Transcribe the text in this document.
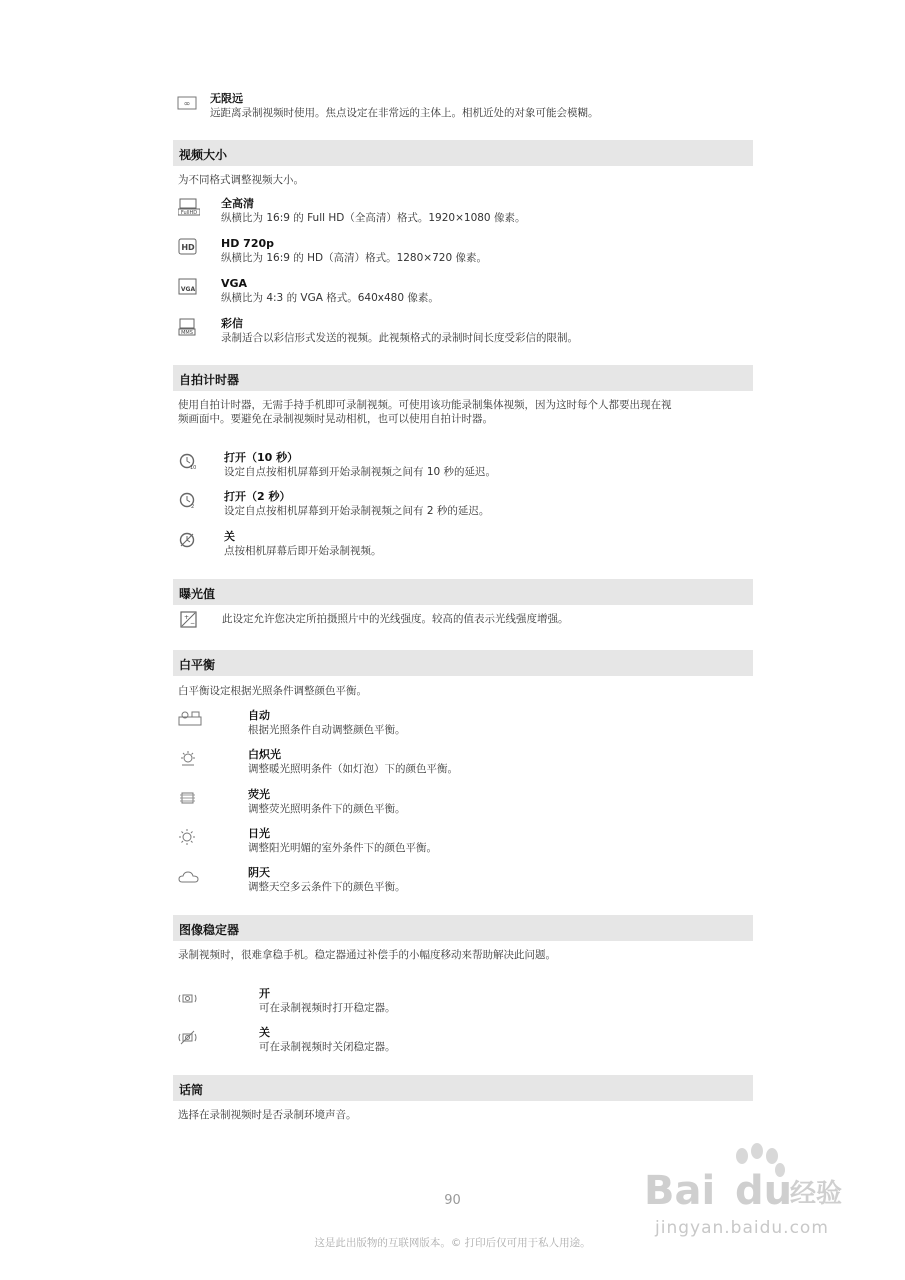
∞ 无限远
远距离录制视频时使用。焦点设定在非常远的主体上。相机近处的对象可能会模糊。
视频大小
为不同格式调整视频大小。
FullHD
全高清
纵横比为 16:9 的 Full HD（全高清）格式。1920×1080 像素。
HD HD 720p
纵横比为 16:9 的 HD（高清）格式。1280×720 像素。
VGA VGA
纵横比为 4:3 的 VGA 格式。640x480 像素。
MMS
彩信
录制适合以彩信形式发送的视频。此视频格式的录制时间长度受彩信的限制。
自拍计时器
使用自拍计时器，无需手持手机即可录制视频。可使用该功能录制集体视频，因为这时每个人都要出现在视
频画面中。要避免在录制视频时晃动相机，也可以使用自拍计时器。
10
打开（10 秒）
设定自点按相机屏幕到开始录制视频之间有 10 秒的延迟。
2
打开（2 秒）
设定自点按相机屏幕到开始录制视频之间有 2 秒的延迟。
关
点按相机屏幕后即开始录制视频。
曝光值
+
−	此设定允许您决定所拍摄照片中的光线强度。较高的值表示光线强度增强。
白平衡
白平衡设定根据光照条件调整颜色平衡。
自动
根据光照条件自动调整颜色平衡。
白炽光
调整暖光照明条件（如灯泡）下的颜色平衡。
荧光
调整荧光照明条件下的颜色平衡。
日光
调整阳光明媚的室外条件下的颜色平衡。
阴天
调整天空多云条件下的颜色平衡。
图像稳定器
录制视频时，很难拿稳手机。稳定器通过补偿手的小幅度移动来帮助解决此问题。
开
可在录制视频时打开稳定器。
关
可在录制视频时关闭稳定器。
话筒
选择在录制视频时是否录制环境声音。
90
这是此出版物的互联网版本。© 打印后仅可用于私人用途。
Bai du
经验
jingyan.baidu.com
